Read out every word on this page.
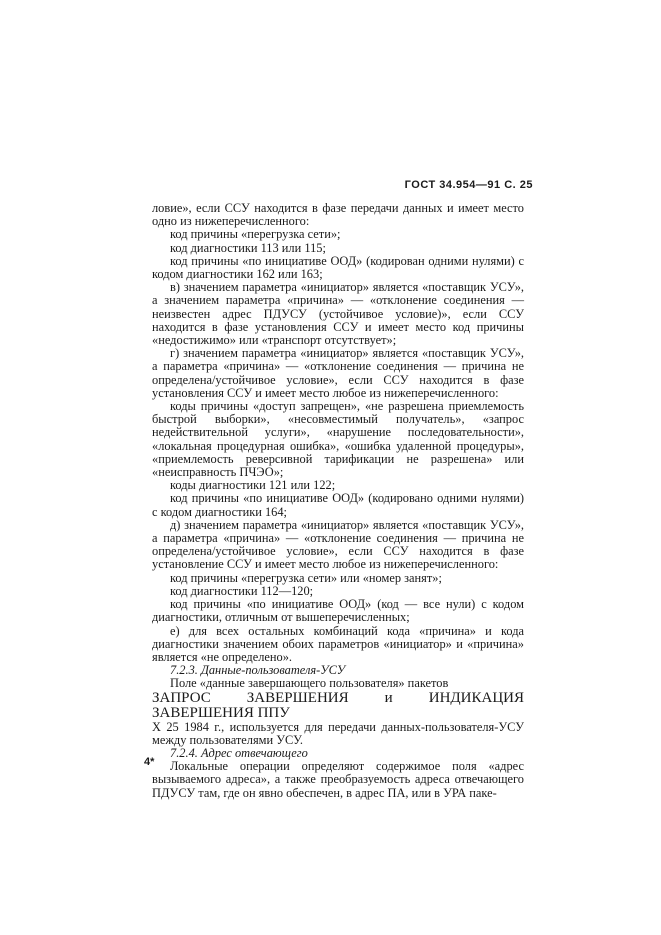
ГОСТ 34.954—91 С. 25

ловие», если ССУ находится в фазе передачи данных и имеет место одно из нижеперечисленного:

код причины «перегрузка сети»;

код диагностики 113 или 115;

код причины «по инициативе ООД» (кодирован одними нулями) с кодом диагностики 162 или 163;

в) значением параметра «инициатор» является «поставщик УСУ», а значением параметра «причина» — «отклонение соединения — неизвестен адрес ПДУСУ (устойчивое условие)», если ССУ находится в фазе установления ССУ и имеет место код причины «недостижимо» или «транспорт отсутствует»;

г) значением параметра «инициатор» является «поставщик УСУ», а параметра «причина» — «отклонение соединения — причина не определена/устойчивое условие», если ССУ находится в фазе установления ССУ и имеет место любое из нижеперечисленного:

коды причины «доступ запрещен», «не разрешена приемлемость быстрой выборки», «несовместимый получатель», «запрос недействительной услуги», «нарушение последовательности», «локальная процедурная ошибка», «ошибка удаленной процедуры», «приемлемость реверсивной тарификации не разрешена» или «неисправность ПЧЭО»;

коды диагностики 121 или 122;

код причины «по инициативе ООД» (кодировано одними нулями) с кодом диагностики 164;

д) значением параметра «инициатор» является «поставщик УСУ», а параметра «причина» — «отклонение соединения — причина не определена/устойчивое условие», если ССУ находится в фазе установление ССУ и имеет место любое из нижеперечисленного:

код причины «перегрузка сети» или «номер занят»;

код диагностики 112—120;

код причины «по инициативе ООД» (код — все нули) с кодом диагностики, отличным от вышеперечисленных;

е) для всех остальных комбинаций кода «причина» и кода диагностики значением обоих параметров «инициатор» и «причина» является «не определено».

7.2.3. Данные-пользователя-УСУ

Поле «данные завершающего пользователя» пакетов

ЗАПРОС ЗАВЕРШЕНИЯ и ИНДИКАЦИЯ ЗАВЕРШЕНИЯ ППУ

Х 25 1984 г., используется для передачи данных-пользователя-УСУ между пользователями УСУ.

7.2.4. Адрес отвечающего

Локальные операции определяют содержимое поля «адрес вызываемого адреса», а также преобразуемость адреса отвечающего ПДУСУ там, где он явно обеспечен, в адрес ПА, или в УРА паке-

4*
